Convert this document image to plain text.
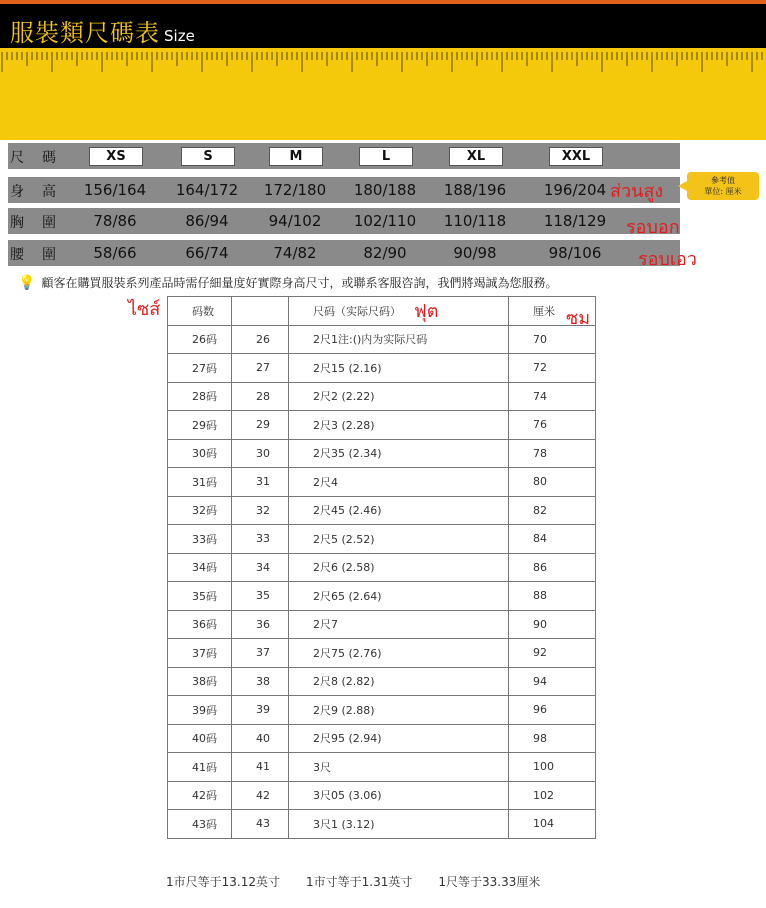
服裝類尺碼表 Size
尺 碼	XS	S	M	L	XL	XXL
身 高	156/164	164/172	172/180	180/188	188/196	196/204
胸 圍	78/86	86/94	94/102	102/110	110/118	118/129
腰 圍	58/66	66/74	74/82	82/90	90/98	98/106
ส่วนสูง
รอบอก
รอบเอว
ไซส์	ฟุต	ซม
參考值
單位: 厘米
💡 顧客在購買服裝系列產品時需仔細量度好實際身高尺寸，或聯系客服咨詢，我們將竭誠為您服務。
码数		尺码（实际尺码）	厘米
26码	26	2尺1注:()内为实际尺码	70
27码	27	2尺15 (2.16)	72
28码	28	2尺2 (2.22)	74
29码	29	2尺3 (2.28)	76
30码	30	2尺35 (2.34)	78
31码	31	2尺4	80
32码	32	2尺45 (2.46)	82
33码	33	2尺5 (2.52)	84
34码	34	2尺6 (2.58)	86
35码	35	2尺65 (2.64)	88
36码	36	2尺7	90
37码	37	2尺75 (2.76)	92
38码	38	2尺8 (2.82)	94
39码	39	2尺9 (2.88)	96
40码	40	2尺95 (2.94)	98
41码	41	3尺	100
42码	42	3尺05 (3.06)	102
43码	43	3尺1 (3.12)	104
1市尺等于13.12英寸 1市寸等于1.31英寸 1尺等于33.33厘米
